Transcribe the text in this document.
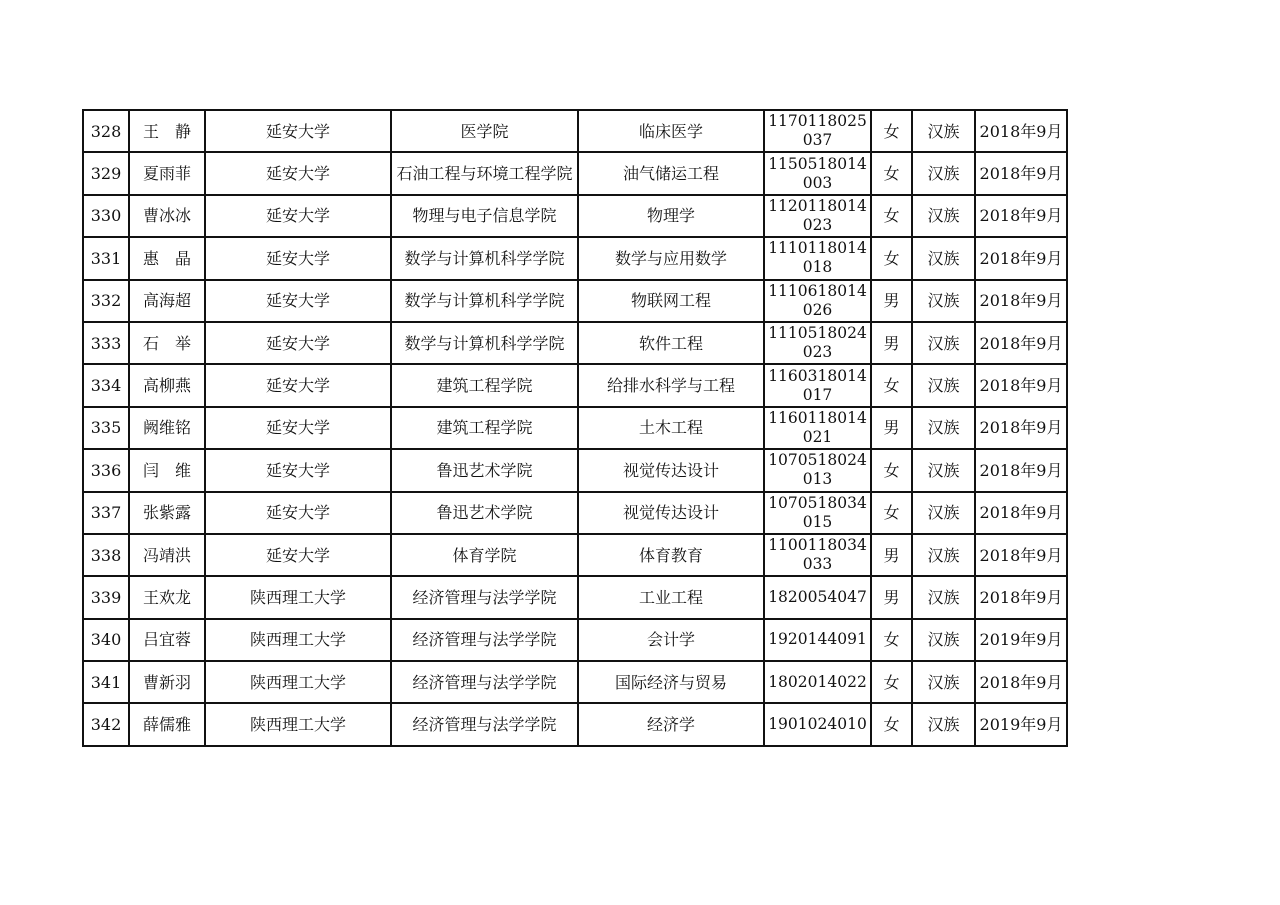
328	王　静	延安大学	医学院	临床医学	1170118025037	女	汉族	2018年9月
329	夏雨菲	延安大学	石油工程与环境工程学院	油气储运工程	1150518014003	女	汉族	2018年9月
330	曹冰冰	延安大学	物理与电子信息学院	物理学	1120118014023	女	汉族	2018年9月
331	惠　晶	延安大学	数学与计算机科学学院	数学与应用数学	1110118014018	女	汉族	2018年9月
332	高海超	延安大学	数学与计算机科学学院	物联网工程	1110618014026	男	汉族	2018年9月
333	石　举	延安大学	数学与计算机科学学院	软件工程	1110518024023	男	汉族	2018年9月
334	高柳燕	延安大学	建筑工程学院	给排水科学与工程	1160318014017	女	汉族	2018年9月
335	阙维铭	延安大学	建筑工程学院	土木工程	1160118014021	男	汉族	2018年9月
336	闫　维	延安大学	鲁迅艺术学院	视觉传达设计	1070518024013	女	汉族	2018年9月
337	张紫露	延安大学	鲁迅艺术学院	视觉传达设计	1070518034015	女	汉族	2018年9月
338	冯靖洪	延安大学	体育学院	体育教育	1100118034033	男	汉族	2018年9月
339	王欢龙	陕西理工大学	经济管理与法学学院	工业工程	1820054047	男	汉族	2018年9月
340	吕宜蓉	陕西理工大学	经济管理与法学学院	会计学	1920144091	女	汉族	2019年9月
341	曹新羽	陕西理工大学	经济管理与法学学院	国际经济与贸易	1802014022	女	汉族	2018年9月
342	薛儒雅	陕西理工大学	经济管理与法学学院	经济学	1901024010	女	汉族	2019年9月
